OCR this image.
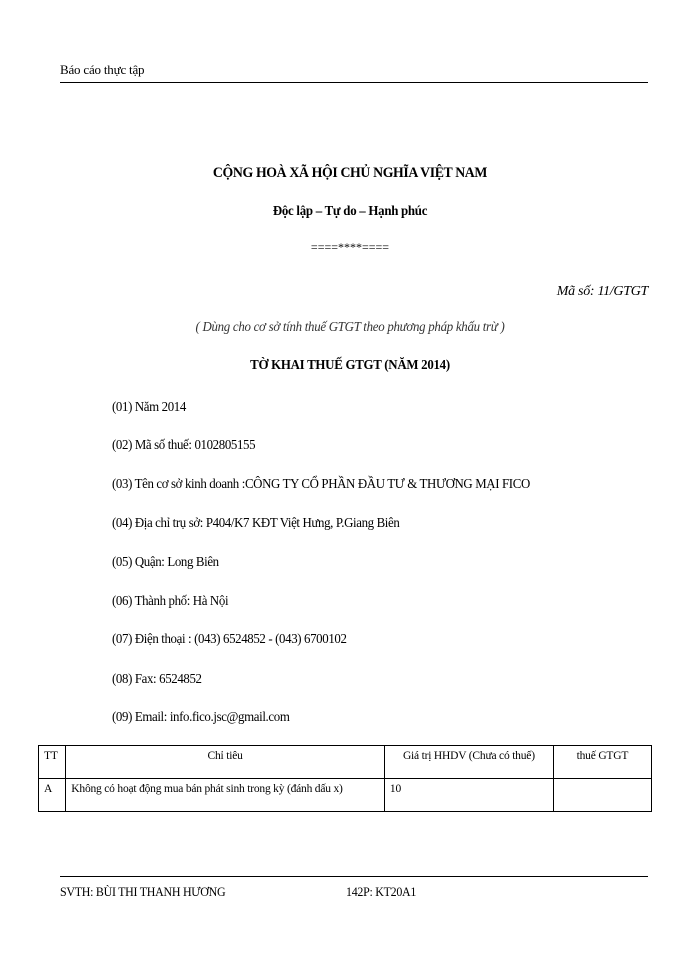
Báo cáo thực tập
CỘNG HOÀ XÃ HỘI CHỦ NGHĨA VIỆT NAM
Độc lập – Tự do – Hạnh phúc
====****====
Mã số: 11/GTGT
( Dùng cho cơ sở tính thuế GTGT theo phương pháp khấu trừ )
TỜ KHAI THUẾ GTGT (NĂM 2014)
(01) Năm 2014
(02) Mã số thuế: 0102805155
(03) Tên cơ sở kinh doanh :CÔNG TY CỔ PHẦN ĐẦU TƯ & THƯƠNG MẠI FICO
(04) Địa chỉ trụ sở: P404/K7 KĐT Việt Hưng, P.Giang Biên
(05) Quận: Long Biên
(06) Thành phố: Hà Nội
(07) Điện thoại : (043) 6524852 - (043) 6700102
(08) Fax: 6524852
(09) Email: info.fico.jsc@gmail.com
TT	Chỉ tiêu	Giá trị HHDV (Chưa có thuế)	thuế GTGT
A	Không có hoạt động mua bán phát sinh trong kỳ (đánh dấu x)	10	
SVTH: BÙI THI THANH HƯƠNG	142P: KT20A1
